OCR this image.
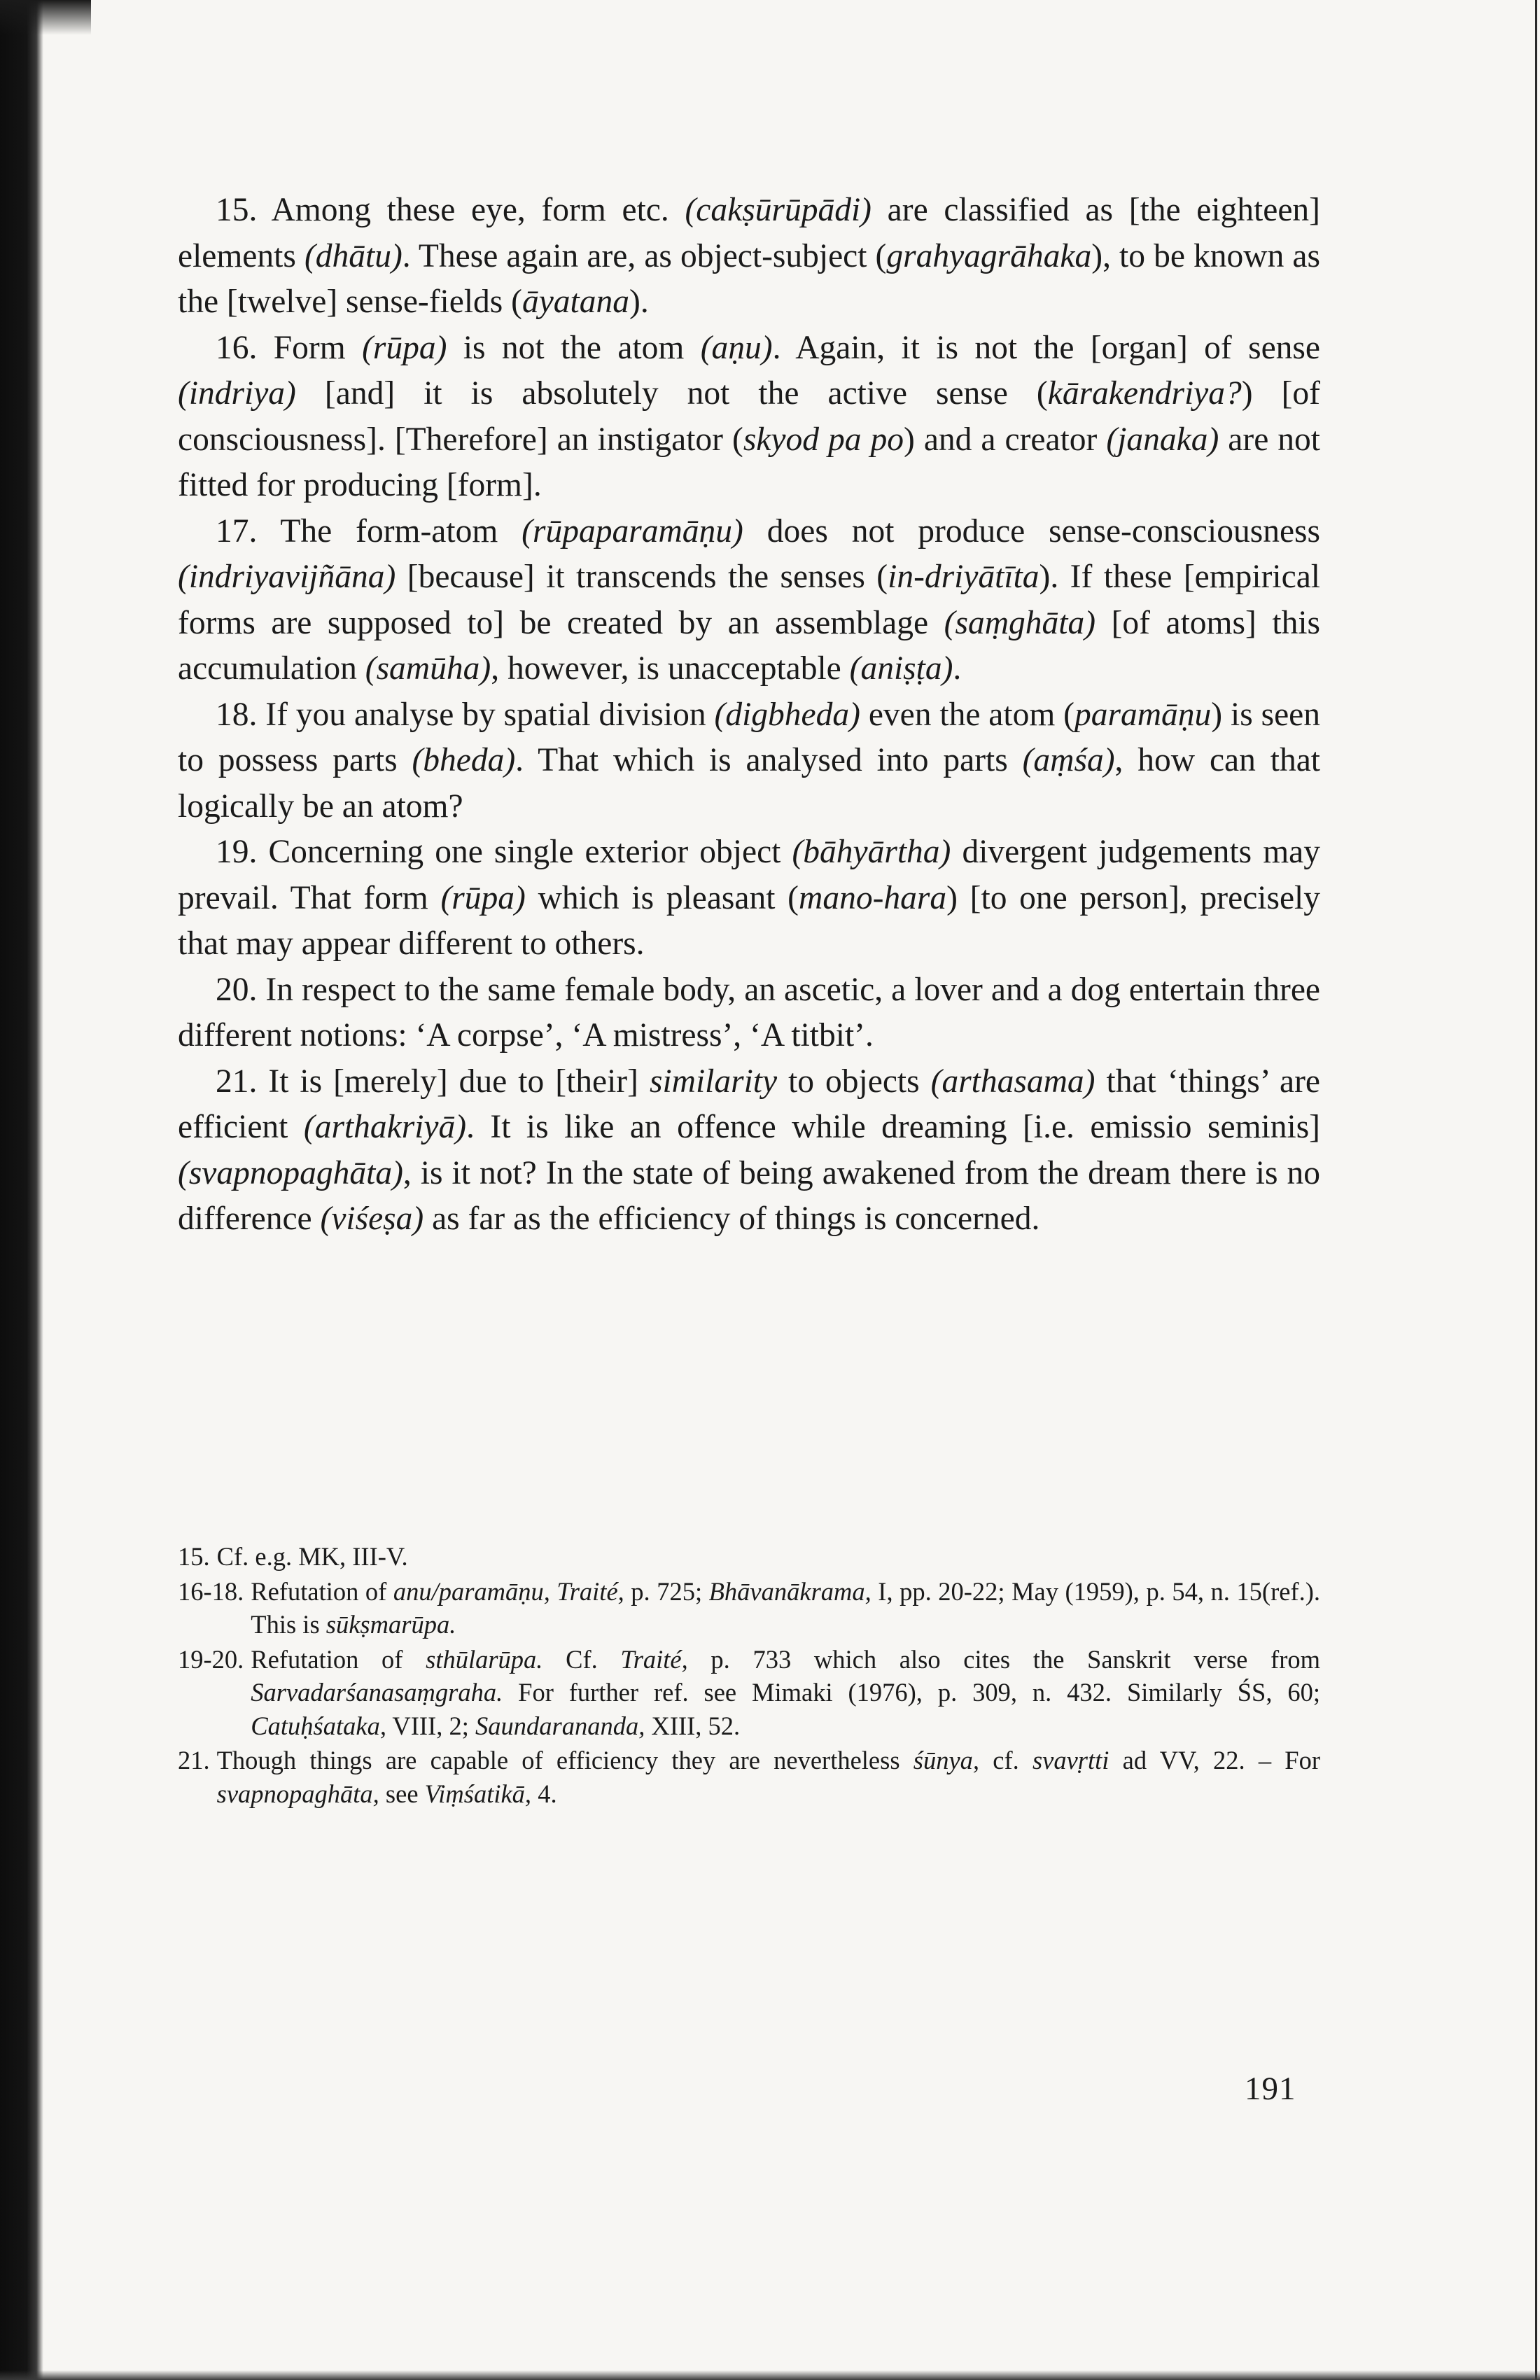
15. Among these eye, form etc. (cakṣūrūpādi) are classified as [the eighteen] elements (dhātu). These again are, as object-subject (grahyagrāhaka), to be known as the [twelve] sense-fields (āyatana).

16. Form (rūpa) is not the atom (aṇu). Again, it is not the [organ] of sense (indriya) [and] it is absolutely not the active sense (kārakendriya?) [of consciousness]. [Therefore] an instigator (skyod pa po) and a creator (janaka) are not fitted for producing [form].

17. The form-atom (rūpaparamāṇu) does not produce sense-consciousness (indriyavijñāna) [because] it transcends the senses (in-driyātīta). If these [empirical forms are supposed to] be created by an assemblage (saṃghāta) [of atoms] this accumulation (samūha), however, is unacceptable (aniṣṭa).

18. If you analyse by spatial division (digbheda) even the atom (paramāṇu) is seen to possess parts (bheda). That which is analysed into parts (aṃśa), how can that logically be an atom?

19. Concerning one single exterior object (bāhyārtha) divergent judgements may prevail. That form (rūpa) which is pleasant (mano-hara) [to one person], precisely that may appear different to others.

20. In respect to the same female body, an ascetic, a lover and a dog entertain three different notions: ‘A corpse’, ‘A mistress’, ‘A titbit’.

21. It is [merely] due to [their] similarity to objects (arthasama) that ‘things’ are efficient (arthakriyā). It is like an offence while dreaming [i.e. emissio seminis] (svapnopaghāta), is it not? In the state of being awakened from the dream there is no difference (viśeṣa) as far as the efficiency of things is concerned.

15. Cf. e.g. MK, III-V.
16-18. Refutation of anu/paramāṇu, Traité, p. 725; Bhāvanākrama, I, pp. 20-22; May (1959), p. 54, n. 15(ref.). This is sūkṣmarūpa.
19-20. Refutation of sthūlarūpa. Cf. Traité, p. 733 which also cites the Sanskrit verse from Sarvadarśanasaṃgraha. For further ref. see Mimaki (1976), p. 309, n. 432. Similarly ŚS, 60; Catuḥśataka, VIII, 2; Saundarananda, XIII, 52.
21. Though things are capable of efficiency they are nevertheless śūnya, cf. svavṛtti ad VV, 22. – For svapnopaghāta, see Viṃśatikā, 4.
191
